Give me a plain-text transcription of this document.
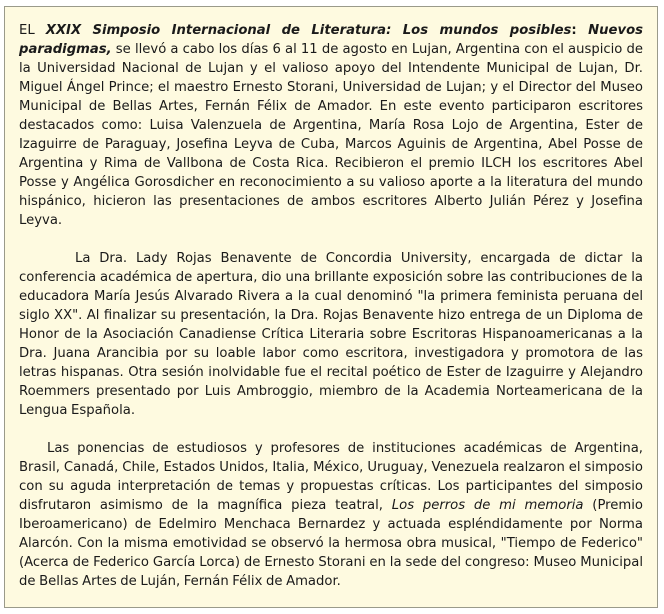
EL XXIX Simposio Internacional de Literatura: Los mundos posibles: Nuevos paradigmas, se llevó a cabo los días 6 al 11 de agosto en Lujan, Argentina con el auspicio de la Universidad Nacional de Lujan y el valioso apoyo del Intendente Municipal de Lujan, Dr. Miguel Ángel Prince; el maestro Ernesto Storani, Universidad de Lujan; y el Director del Museo Municipal de Bellas Artes, Fernán Félix de Amador. En este evento participaron escritores destacados como: Luisa Valenzuela de Argentina, María Rosa Lojo de Argentina, Ester de Izaguirre de Paraguay, Josefina Leyva de Cuba, Marcos Aguinis de Argentina, Abel Posse de Argentina y Rima de Vallbona de Costa Rica. Recibieron el premio ILCH los escritores Abel Posse y Angélica Gorosdicher en reconocimiento a su valioso aporte a la literatura del mundo hispánico, hicieron las presentaciones de ambos escritores Alberto Julián Pérez y Josefina Leyva.

La Dra. Lady Rojas Benavente de Concordia University, encargada de dictar la conferencia académica de apertura, dio una brillante exposición sobre las contribuciones de la educadora María Jesús Alvarado Rivera a la cual denominó "la primera feminista peruana del siglo XX". Al finalizar su presentación, la Dra. Rojas Benavente hizo entrega de un Diploma de Honor de la Asociación Canadiense Crítica Literaria sobre Escritoras Hispanoamericanas a la Dra. Juana Arancibia por su loable labor como escritora, investigadora y promotora de las letras hispanas. Otra sesión inolvidable fue el recital poético de Ester de Izaguirre y Alejandro Roemmers presentado por Luis Ambroggio, miembro de la Academia Norteamericana de la Lengua Española.

Las ponencias de estudiosos y profesores de instituciones académicas de Argentina, Brasil, Canadá, Chile, Estados Unidos, Italia, México, Uruguay, Venezuela realzaron el simposio con su aguda interpretación de temas y propuestas críticas. Los participantes del simposio disfrutaron asimismo de la magnífica pieza teatral, Los perros de mi memoria (Premio Iberoamericano) de Edelmiro Menchaca Bernardez y actuada espléndidamente por Norma Alarcón. Con la misma emotividad se observó la hermosa obra musical, "Tiempo de Federico" (Acerca de Federico García Lorca) de Ernesto Storani en la sede del congreso: Museo Municipal de Bellas Artes de Luján, Fernán Félix de Amador.
